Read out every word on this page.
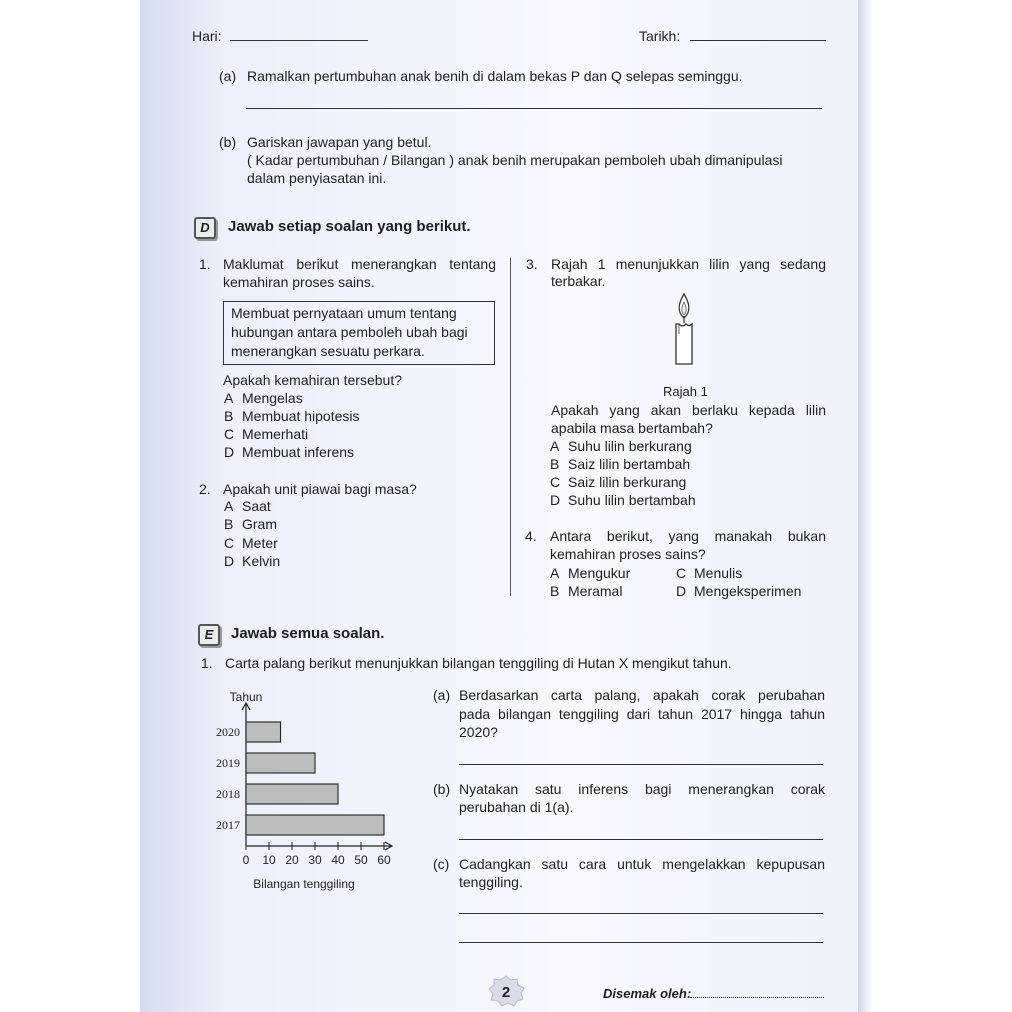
Hari:	Tarikh:
(a) Ramalkan pertumbuhan anak benih di dalam bekas P dan Q selepas seminggu.
(b) Gariskan jawapan yang betul.
( Kadar pertumbuhan / Bilangan ) anak benih merupakan pemboleh ubah dimanipulasi
dalam penyiasatan ini.
D	Jawab setiap soalan yang berikut.
1. Maklumat berikut menerangkan tentang
kemahiran proses sains.
Membuat pernyataan umum tentang
hubungan antara pemboleh ubah bagi
menerangkan sesuatu perkara.
Apakah kemahiran tersebut?
A Mengelas
B Membuat hipotesis
C Memerhati
D Membuat inferens
2. Apakah unit piawai bagi masa?
A Saat
B Gram
C Meter
D Kelvin
3. Rajah 1 menunjukkan lilin yang sedang
terbakar.
Rajah 1
Apakah yang akan berlaku kepada lilin
apabila masa bertambah?
A Suhu lilin berkurang
B Saiz lilin bertambah
C Saiz lilin berkurang
D Suhu lilin bertambah
4. Antara berikut, yang manakah bukan
kemahiran proses sains?
A Mengukur	C Menulis
B Meramal	D Mengeksperimen
E	Jawab semua soalan.
1. Carta palang berikut menunjukkan bilangan tenggiling di Hutan X mengikut tahun.
Tahun
2020
2019
2018
2017
0 10 20 30 40 50 60
Bilangan tenggiling
(a) Berdasarkan carta palang, apakah corak perubahan
pada bilangan tenggiling dari tahun 2017 hingga tahun
2020?
(b) Nyatakan satu inferens bagi menerangkan corak
perubahan di 1(a).
(c) Cadangkan satu cara untuk mengelakkan kepupusan
tenggiling.
2	Disemak oleh:
